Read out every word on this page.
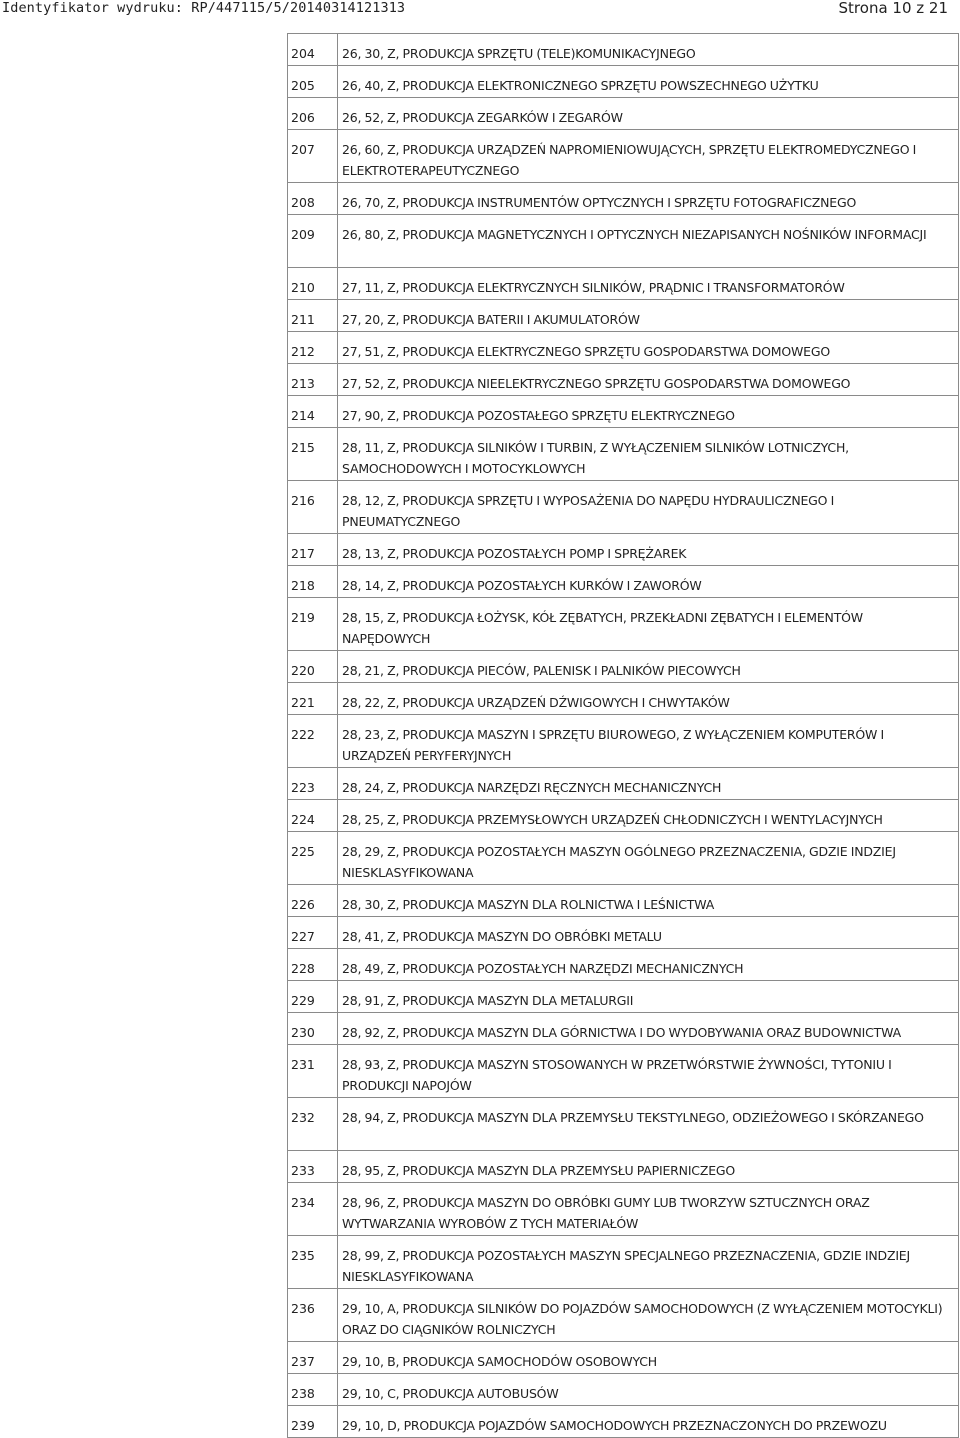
Identyfikator wydruku: RP/447115/5/20140314121313	Strona 10 z 21
204	26, 30, Z, PRODUKCJA SPRZĘTU (TELE)KOMUNIKACYJNEGO
205	26, 40, Z, PRODUKCJA ELEKTRONICZNEGO SPRZĘTU POWSZECHNEGO UŻYTKU
206	26, 52, Z, PRODUKCJA ZEGARKÓW I ZEGARÓW
207	26, 60, Z, PRODUKCJA URZĄDZEŃ NAPROMIENIOWUJĄCYCH, SPRZĘTU ELEKTROMEDYCZNEGO I ELEKTROTERAPEUTYCZNEGO
208	26, 70, Z, PRODUKCJA INSTRUMENTÓW OPTYCZNYCH I SPRZĘTU FOTOGRAFICZNEGO
209	26, 80, Z, PRODUKCJA MAGNETYCZNYCH I OPTYCZNYCH NIEZAPISANYCH NOŚNIKÓW INFORMACJI
210	27, 11, Z, PRODUKCJA ELEKTRYCZNYCH SILNIKÓW, PRĄDNIC I TRANSFORMATORÓW
211	27, 20, Z, PRODUKCJA BATERII I AKUMULATORÓW
212	27, 51, Z, PRODUKCJA ELEKTRYCZNEGO SPRZĘTU GOSPODARSTWA DOMOWEGO
213	27, 52, Z, PRODUKCJA NIEELEKTRYCZNEGO SPRZĘTU GOSPODARSTWA DOMOWEGO
214	27, 90, Z, PRODUKCJA POZOSTAŁEGO SPRZĘTU ELEKTRYCZNEGO
215	28, 11, Z, PRODUKCJA SILNIKÓW I TURBIN, Z WYŁĄCZENIEM SILNIKÓW LOTNICZYCH, SAMOCHODOWYCH I MOTOCYKLOWYCH
216	28, 12, Z, PRODUKCJA SPRZĘTU I WYPOSAŻENIA DO NAPĘDU HYDRAULICZNEGO I PNEUMATYCZNEGO
217	28, 13, Z, PRODUKCJA POZOSTAŁYCH POMP I SPRĘŻAREK
218	28, 14, Z, PRODUKCJA POZOSTAŁYCH KURKÓW I ZAWORÓW
219	28, 15, Z, PRODUKCJA ŁOŻYSK, KÓŁ ZĘBATYCH, PRZEKŁADNI ZĘBATYCH I ELEMENTÓW NAPĘDOWYCH
220	28, 21, Z, PRODUKCJA PIECÓW, PALENISK I PALNIKÓW PIECOWYCH
221	28, 22, Z, PRODUKCJA URZĄDZEŃ DŹWIGOWYCH I CHWYTAKÓW
222	28, 23, Z, PRODUKCJA MASZYN I SPRZĘTU BIUROWEGO, Z WYŁĄCZENIEM KOMPUTERÓW I URZĄDZEŃ PERYFERYJNYCH
223	28, 24, Z, PRODUKCJA NARZĘDZI RĘCZNYCH MECHANICZNYCH
224	28, 25, Z, PRODUKCJA PRZEMYSŁOWYCH URZĄDZEŃ CHŁODNICZYCH I WENTYLACYJNYCH
225	28, 29, Z, PRODUKCJA POZOSTAŁYCH MASZYN OGÓLNEGO PRZEZNACZENIA, GDZIE INDZIEJ NIESKLASYFIKOWANA
226	28, 30, Z, PRODUKCJA MASZYN DLA ROLNICTWA I LEŚNICTWA
227	28, 41, Z, PRODUKCJA MASZYN DO OBRÓBKI METALU
228	28, 49, Z, PRODUKCJA POZOSTAŁYCH NARZĘDZI MECHANICZNYCH
229	28, 91, Z, PRODUKCJA MASZYN DLA METALURGII
230	28, 92, Z, PRODUKCJA MASZYN DLA GÓRNICTWA I DO WYDOBYWANIA ORAZ BUDOWNICTWA
231	28, 93, Z, PRODUKCJA MASZYN STOSOWANYCH W PRZETWÓRSTWIE ŻYWNOŚCI, TYTONIU I PRODUKCJI NAPOJÓW
232	28, 94, Z, PRODUKCJA MASZYN DLA PRZEMYSŁU TEKSTYLNEGO, ODZIEŻOWEGO I SKÓRZANEGO
233	28, 95, Z, PRODUKCJA MASZYN DLA PRZEMYSŁU PAPIERNICZEGO
234	28, 96, Z, PRODUKCJA MASZYN DO OBRÓBKI GUMY LUB TWORZYW SZTUCZNYCH ORAZ WYTWARZANIA WYROBÓW Z TYCH MATERIAŁÓW
235	28, 99, Z, PRODUKCJA POZOSTAŁYCH MASZYN SPECJALNEGO PRZEZNACZENIA, GDZIE INDZIEJ NIESKLASYFIKOWANA
236	29, 10, A, PRODUKCJA SILNIKÓW DO POJAZDÓW SAMOCHODOWYCH (Z WYŁĄCZENIEM MOTOCYKLI) ORAZ DO CIĄGNIKÓW ROLNICZYCH
237	29, 10, B, PRODUKCJA SAMOCHODÓW OSOBOWYCH
238	29, 10, C, PRODUKCJA AUTOBUSÓW
239	29, 10, D, PRODUKCJA POJAZDÓW SAMOCHODOWYCH PRZEZNACZONYCH DO PRZEWOZU
